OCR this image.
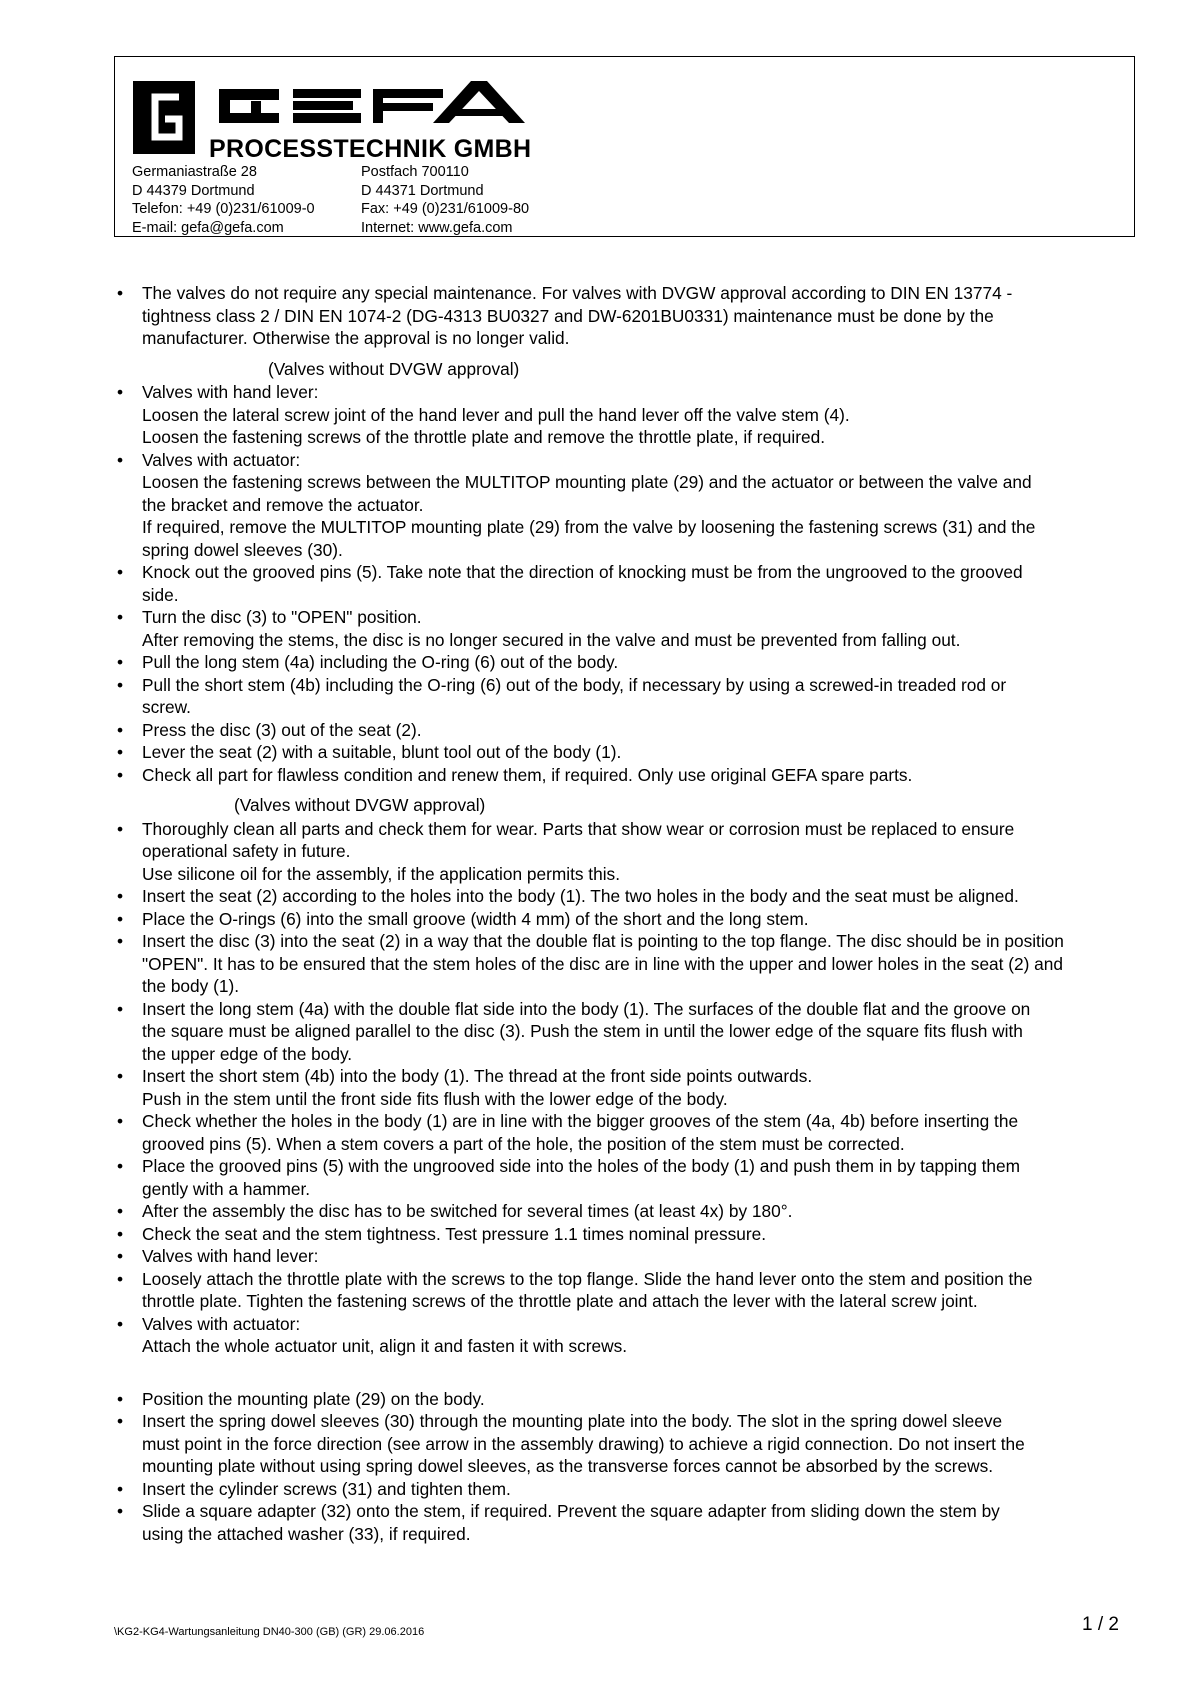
PROCESSTECHNIK GMBH
Germaniastraße 28
D 44379 Dortmund
Telefon: +49 (0)231/61009-0
E-mail: gefa@gefa.com
Postfach 700110
D 44371 Dortmund
Fax: +49 (0)231/61009-80
Internet: www.gefa.com
• The valves do not require any special maintenance. For valves with DVGW approval according to DIN EN 13774 -
tightness class 2 / DIN EN 1074-2 (DG-4313 BU0327 and DW-6201BU0331) maintenance must be done by the
manufacturer. Otherwise the approval is no longer valid.
(Valves without DVGW approval)
• Valves with hand lever:
Loosen the lateral screw joint of the hand lever and pull the hand lever off the valve stem (4).
Loosen the fastening screws of the throttle plate and remove the throttle plate, if required.
• Valves with actuator:
Loosen the fastening screws between the MULTITOP mounting plate (29) and the actuator or between the valve and
the bracket and remove the actuator.
If required, remove the MULTITOP mounting plate (29) from the valve by loosening the fastening screws (31) and the
spring dowel sleeves (30).
• Knock out the grooved pins (5). Take note that the direction of knocking must be from the ungrooved to the grooved
side.
• Turn the disc (3) to "OPEN" position.
After removing the stems, the disc is no longer secured in the valve and must be prevented from falling out.
• Pull the long stem (4a) including the O-ring (6) out of the body.
• Pull the short stem (4b) including the O-ring (6) out of the body, if necessary by using a screwed-in treaded rod or
screw.
• Press the disc (3) out of the seat (2).
• Lever the seat (2) with a suitable, blunt tool out of the body (1).
• Check all part for flawless condition and renew them, if required. Only use original GEFA spare parts.
(Valves without DVGW approval)
• Thoroughly clean all parts and check them for wear. Parts that show wear or corrosion must be replaced to ensure
operational safety in future.
Use silicone oil for the assembly, if the application permits this.
• Insert the seat (2) according to the holes into the body (1). The two holes in the body and the seat must be aligned.
• Place the O-rings (6) into the small groove (width 4 mm) of the short and the long stem.
• Insert the disc (3) into the seat (2) in a way that the double flat is pointing to the top flange. The disc should be in position
"OPEN". It has to be ensured that the stem holes of the disc are in line with the upper and lower holes in the seat (2) and
the body (1).
• Insert the long stem (4a) with the double flat side into the body (1). The surfaces of the double flat and the groove on
the square must be aligned parallel to the disc (3). Push the stem in until the lower edge of the square fits flush with
the upper edge of the body.
• Insert the short stem (4b) into the body (1). The thread at the front side points outwards.
Push in the stem until the front side fits flush with the lower edge of the body.
• Check whether the holes in the body (1) are in line with the bigger grooves of the stem (4a, 4b) before inserting the
grooved pins (5). When a stem covers a part of the hole, the position of the stem must be corrected.
• Place the grooved pins (5) with the ungrooved side into the holes of the body (1) and push them in by tapping them
gently with a hammer.
• After the assembly the disc has to be switched for several times (at least 4x) by 180°.
• Check the seat and the stem tightness. Test pressure 1.1 times nominal pressure.
• Valves with hand lever:
• Loosely attach the throttle plate with the screws to the top flange. Slide the hand lever onto the stem and position the
throttle plate. Tighten the fastening screws of the throttle plate and attach the lever with the lateral screw joint.
• Valves with actuator:
Attach the whole actuator unit, align it and fasten it with screws.
• Position the mounting plate (29) on the body.
• Insert the spring dowel sleeves (30) through the mounting plate into the body. The slot in the spring dowel sleeve
must point in the force direction (see arrow in the assembly drawing) to achieve a rigid connection. Do not insert the
mounting plate without using spring dowel sleeves, as the transverse forces cannot be absorbed by the screws.
• Insert the cylinder screws (31) and tighten them.
• Slide a square adapter (32) onto the stem, if required. Prevent the square adapter from sliding down the stem by
using the attached washer (33), if required.
\KG2-KG4-Wartungsanleitung DN40-300 (GB) (GR) 29.06.2016	1 / 2
